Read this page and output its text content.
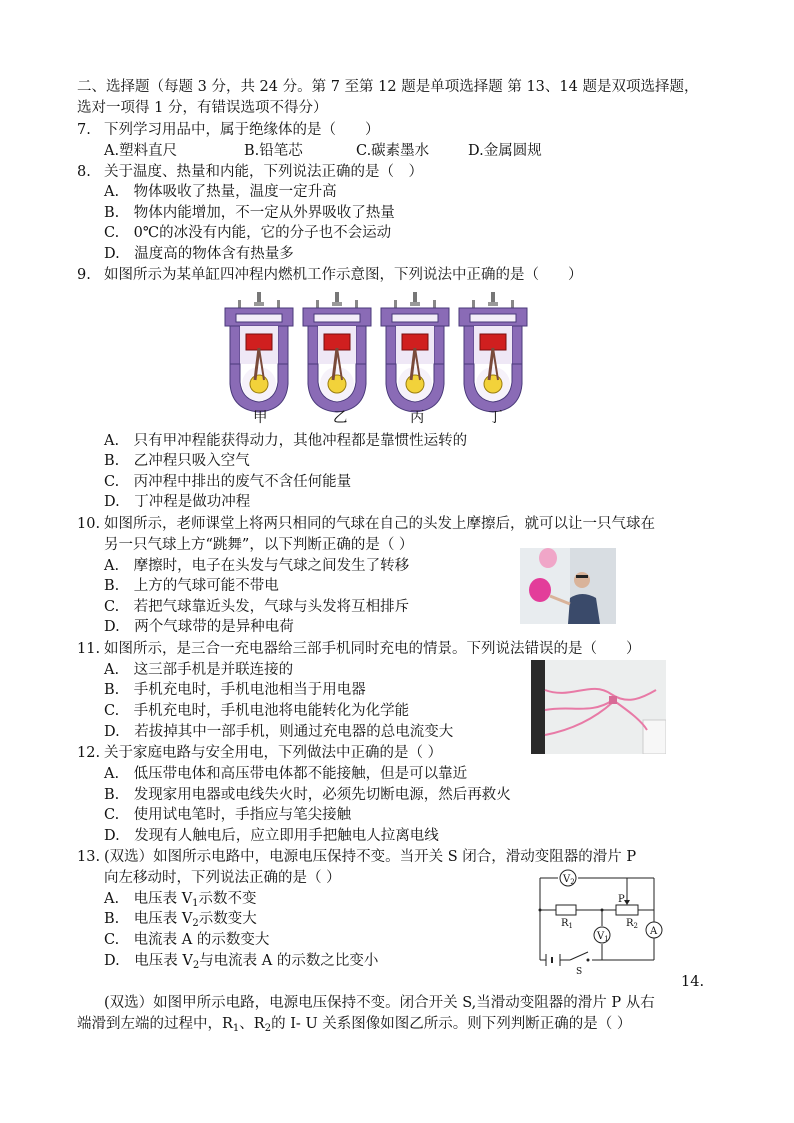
二、选择题（每题 3 分，共 24 分。第 7 至第 12 题是单项选择题 第 13、14 题是双项选择题，
选对一项得 1 分，有错误选项不得分）
7. 下列学习用品中，属于绝缘体的是（　　）
A.塑料直尺	B.铅笔芯	C.碳素墨水	D.金属圆规
8. 关于温度、热量和内能，下列说法正确的是（　）
A.　物体吸收了热量，温度一定升高
B.　物体内能增加，不一定从外界吸收了热量
C.　0℃的冰没有内能，它的分子也不会运动
D.　温度高的物体含有热量多
9. 如图所示为某单缸四冲程内燃机工作示意图，下列说法中正确的是（　　）
甲	乙	丙	丁
A.　只有甲冲程能获得动力，其他冲程都是靠惯性运转的
B.　乙冲程只吸入空气
C.　丙冲程中排出的废气不含任何能量
D.　丁冲程是做功冲程
10. 如图所示，老师课堂上将两只相同的气球在自己的头发上摩擦后，就可以让一只气球在
另一只气球上方“跳舞”，以下判断正确的是（ ）
A.　摩擦时，电子在头发与气球之间发生了转移
B.　上方的气球可能不带电
C.　若把气球靠近头发，气球与头发将互相排斥
D.　两个气球带的是异种电荷
11. 如图所示，是三合一充电器给三部手机同时充电的情景。下列说法错误的是（　　）
A.　这三部手机是并联连接的
B.　手机充电时，手机电池相当于用电器
C.　手机充电时，手机电池将电能转化为化学能
D.　若拔掉其中一部手机，则通过充电器的总电流变大
12. 关于家庭电路与安全用电，下列做法中正确的是（ ）
A.　低压带电体和高压带电体都不能接触，但是可以靠近
B.　发现家用电器或电线失火时，必须先切断电源，然后再救火
C.　使用试电笔时，手指应与笔尖接触
D.　发现有人触电后，应立即用手把触电人拉离电线
13. (双选）如图所示电路中，电源电压保持不变。当开关 S 闭合，滑动变阻器的滑片 P
向左移动时，下列说法正确的是（ ）
A.　电压表 $V_1$示数不变
B.　电压表 $V_2$示数变大
C.　电流表 A 的示数变大
D.　电压表 $V_2$与电流表 A 的示数之比变小
$V_2$
$V_1$
A
$R_1$	$R_2$
P
S
14.
(双选）如图甲所示电路，电源电压保持不变。闭合开关 S,当滑动变阻器的滑片 P 从右
端滑到左端的过程中，$R_1$、$R_2$的 I- U 关系图像如图乙所示。则下列判断正确的是（ ）
